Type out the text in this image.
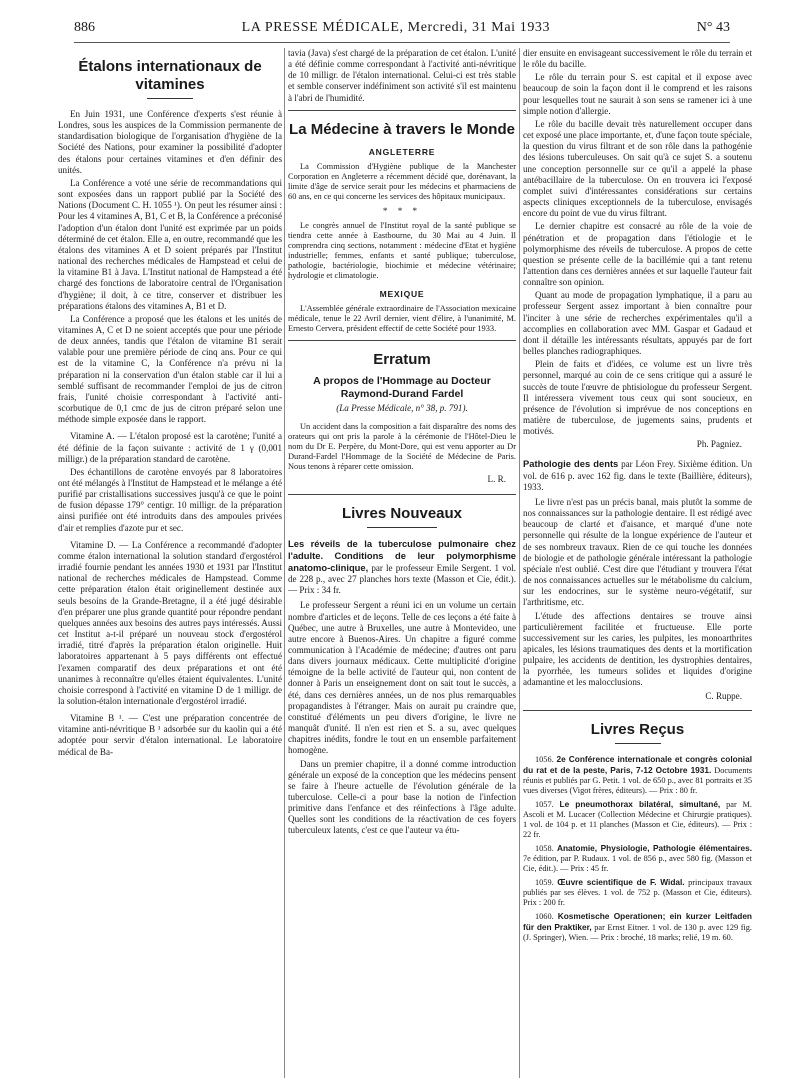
886	LA PRESSE MÉDICALE, Mercredi, 31 Mai 1933	N° 43
Étalons internationaux de vitamines

En Juin 1931, une Conférence d'experts s'est réunie à Londres, sous les auspices de la Commission permanente de standardisation biologique de l'organisation d'hygiène de la Société des Nations, pour examiner la possibilité d'adopter des étalons pour certaines vitamines et d'en définir des unités.

La Conférence a voté une série de recommandations qui sont exposées dans un rapport publié par la Société des Nations (Document C. H. 1055 ¹). On peut les résumer ainsi : Pour les 4 vitamines A, B1, C et B, la Conférence a préconisé l'adoption d'un étalon dont l'unité est exprimée par un poids déterminé de cet étalon. Elle a, en outre, recommandé que les étalons des vitamines A et D soient préparés par l'Institut national des recherches médicales de Hampstead et celui de la vitamine B1 à Java. L'Institut national de Hampstead a été chargé des fonctions de laboratoire central de l'Organisation d'hygiène; il doit, à ce titre, conserver et distribuer les préparations étalons des vitamines A, B1 et D.

La Conférence a proposé que les étalons et les unités de vitamines A, C et D ne soient acceptés que pour une période de deux années, tandis que l'étalon de vitamine B1 serait valable pour une première période de cinq ans. Pour ce qui est de la vitamine C, la Conférence n'a prévu ni la préparation ni la conservation d'un étalon stable car il lui a semblé suffisant de recommander l'emploi de jus de citron frais, l'unité choisie correspondant à l'activité anti-scorbutique de 0,1 cmc de jus de citron préparé selon une méthode simple exposée dans le rapport.

Vitamine A. — L'étalon proposé est la carotène; l'unité a été définie de la façon suivante : activité de 1 γ (0,001 milligr.) de la préparation standard de carotène.

Des échantillons de carotène envoyés par 8 laboratoires ont été mélangés à l'Institut de Hampstead et le mélange a été purifié par cristallisations successives jusqu'à ce que le point de fusion dépasse 179° centigr. 10 milligr. de la préparation ainsi purifiée ont été introduits dans des ampoules privées d'air et remplies d'azote pur et sec.

Vitamine D. — La Conférence a recommandé d'adopter comme étalon international la solution standard d'ergostérol irradié fournie pendant les années 1930 et 1931 par l'Institut national de recherches médicales de Hampstead. Comme cette préparation étalon était originellement destinée aux seuls besoins de la Grande-Bretagne, il a été jugé désirable d'en préparer une plus grande quantité pour répondre pendant quelques années aux besoins des autres pays intéressés. Aussi cet Institut a-t-il préparé un nouveau stock d'ergostérol irradié, titré d'après la préparation étalon originelle. Huit laboratoires appartenant à 5 pays différents ont effectué l'examen comparatif des deux préparations et ont été unanimes à reconnaître qu'elles étaient équivalentes. L'unité choisie correspond à l'activité en vitamine D de 1 milligr. de la solution-étalon internationale d'ergostérol irradié.

Vitamine B ¹. — C'est une préparation concentrée de vitamine anti-névritique B ¹ adsorbée sur du kaolin qui a été adoptée pour servir d'étalon international. Le laboratoire médical de Ba-

tavia (Java) s'est chargé de la préparation de cet étalon. L'unité a été définie comme correspondant à l'activité anti-névritique de 10 milligr. de l'étalon international. Celui-ci est très stable et semble conserver indéfiniment son activité s'il est maintenu à l'abri de l'humidité.

La Médecine à travers le Monde
ANGLETERRE

La Commission d'Hygiène publique de la Manchester Corporation en Angleterre a récemment décidé que, dorénavant, la limite d'âge de service serait pour les médecins et pharmaciens de 60 ans, en ce qui concerne les services des hôpitaux municipaux.

* * *

Le congrès annuel de l'Institut royal de la santé publique se tiendra cette année à Eastbourne, du 30 Mai au 4 Juin. Il comprendra cinq sections, notamment : médecine d'Etat et hygiène industrielle; femmes, enfants et santé publique; tuberculose, pathologie, bactériologie, biochimie et médecine vétérinaire; hydrologie et climatologie.

MEXIQUE

L'Assemblée générale extraordinaire de l'Association mexicaine médicale, tenue le 22 Avril dernier, vient d'élire, à l'unanimité, M. Ernesto Cervera, président effectif de cette Société pour 1933.

Erratum
A propos de l'Hommage au Docteur Raymond-Durand Fardel
(La Presse Médicale, n° 38, p. 791).

Un accident dans la composition a fait disparaître des noms des orateurs qui ont pris la parole à la cérémonie de l'Hôtel-Dieu le nom du Dr E. Perpère, du Mont-Dore, qui est venu apporter au Dr Durand-Fardel l'Hommage de la Société de Médecine de Paris. Nous tenons à réparer cette omission.

L. R.
Livres Nouveaux

Les réveils de la tuberculose pulmonaire chez l'adulte. Conditions de leur polymorphisme anatomo-clinique, par le professeur Emile Sergent. 1 vol. de 228 p., avec 27 planches hors texte (Masson et Cie, édit.). — Prix : 34 fr.

Le professeur Sergent a réuni ici en un volume un certain nombre d'articles et de leçons. Telle de ces leçons a été faite à Québec, une autre à Bruxelles, une autre à Montevideo, une autre encore à Buenos-Aires. Un chapitre a figuré comme communication à l'Académie de médecine; d'autres ont paru dans divers journaux médicaux. Cette multiplicité d'origine témoigne de la belle activité de l'auteur qui, non content de donner à Paris un enseignement dont on sait tout le succès, a été, dans ces dernières années, un de nos plus remarquables propagandistes à l'étranger. Mais on aurait pu craindre que, constitué d'éléments un peu divers d'origine, le livre ne manquât d'unité. Il n'en est rien et S. a su, avec quelques chapitres inédits, fondre le tout en un ensemble parfaitement homogène.

Dans un premier chapitre, il a donné comme introduction générale un exposé de la conception que les médecins pensent se faire à l'heure actuelle de l'évolution générale de la tuberculose. Celle-ci a pour base la notion de l'infection primitive dans l'enfance et des réinfections à l'âge adulte. Quelles sont les conditions de la réactivation de ces foyers tuberculeux latents, c'est ce que l'auteur va étu-

dier ensuite en envisageant successivement le rôle du terrain et le rôle du bacille.

Le rôle du terrain pour S. est capital et il expose avec beaucoup de soin la façon dont il le comprend et les raisons pour lesquelles tout ne saurait à son sens se ramener ici à une simple notion d'allergie.

Le rôle du bacille devait très naturellement occuper dans cet exposé une place importante, et, d'une façon toute spéciale, la question du virus filtrant et de son rôle dans la pathogénie des lésions tuberculeuses. On sait qu'à ce sujet S. a soutenu une conception personnelle sur ce qu'il a appelé la phase antébacillaire de la tuberculose. On en trouvera ici l'exposé complet suivi d'intéressantes considérations sur certains aspects cliniques exceptionnels de la tuberculose, envisagés encore du point de vue du virus filtrant.

Le dernier chapitre est consacré au rôle de la voie de pénétration et de propagation dans l'étiologie et le polymorphisme des réveils de tuberculose. A propos de cette question se présente celle de la bacillémie qui a tant retenu l'attention dans ces dernières années et sur laquelle l'auteur fait connaître son opinion.

Quant au mode de propagation lymphatique, il a paru au professeur Sergent assez important à bien connaître pour l'inciter à une série de recherches expérimentales qu'il a accomplies en collaboration avec MM. Gaspar et Gadaud et dont il détaille les intéressants résultats, appuyés par de fort belles planches radiographiques.

Plein de faits et d'idées, ce volume est un livre très personnel, marqué au coin de ce sens critique qui a assuré le succès de toute l'œuvre de phtisiologue du professeur Sergent. Il intéressera vivement tous ceux qui sont soucieux, en présence de l'évolution si imprévue de nos conceptions en matière de tuberculose, de jugements sains, prudents et motivés.

Ph. Pagniez.

Pathologie des dents par Léon Frey. Sixième édition. Un vol. de 616 p. avec 162 fig. dans le texte (Baillière, éditeurs), 1933.

Le livre n'est pas un précis banal, mais plutôt la somme de nos connaissances sur la pathologie dentaire. Il est rédigé avec beaucoup de clarté et d'aisance, et marqué d'une note personnelle qui résulte de la longue expérience de l'auteur et de ses nombreux travaux. Rien de ce qui touche les données de biologie et de pathologie générale intéressant la pathologie spéciale n'est oublié. C'est dire que l'étudiant y trouvera l'état de nos connaissances actuelles sur le métabolisme du calcium, sur les endocrines, sur le système neuro-végétatif, sur l'arthritisme, etc.

L'étude des affections dentaires se trouve ainsi particulièrement facilitée et fructueuse. Elle porte successivement sur les caries, les pulpites, les monoarthrites apicales, les lésions traumatiques des dents et la mortification pulpaire, les accidents de dentition, les dystrophies dentaires, la pyorrhée, les tumeurs solides et liquides d'origine adamantine et les malocclusions.

C. Ruppe.
Livres Reçus
1056. 2e Conférence internationale et congrès colonial du rat et de la peste, Paris, 7-12 Octobre 1931. Documents réunis et publiés par G. Petit. 1 vol. de 650 p., avec 81 portraits et 35 vues diverses (Vigot frères, éditeurs). — Prix : 80 fr.
1057. Le pneumothorax bilatéral, simultané, par M. Ascoli et M. Lucacer (Collection Médecine et Chirurgie pratiques). 1 vol. de 104 p. et 11 planches (Masson et Cie, éditeurs). — Prix : 22 fr.
1058. Anatomie, Physiologie, Pathologie élémentaires. 7e édition, par P. Rudaux. 1 vol. de 856 p., avec 580 fig. (Masson et Cie, édit.). — Prix : 45 fr.
1059. Œuvre scientifique de F. Widal. principaux travaux publiés par ses élèves. 1 vol. de 752 p. (Masson et Cie, éditeurs). Prix : 200 fr.
1060. Kosmetische Operationen; ein kurzer Leitfaden für den Praktiker, par Ernst Eitner. 1 vol. de 130 p. avec 129 fig. (J. Springer), Wien. — Prix : broché, 18 marks; relié, 19 m. 60.
